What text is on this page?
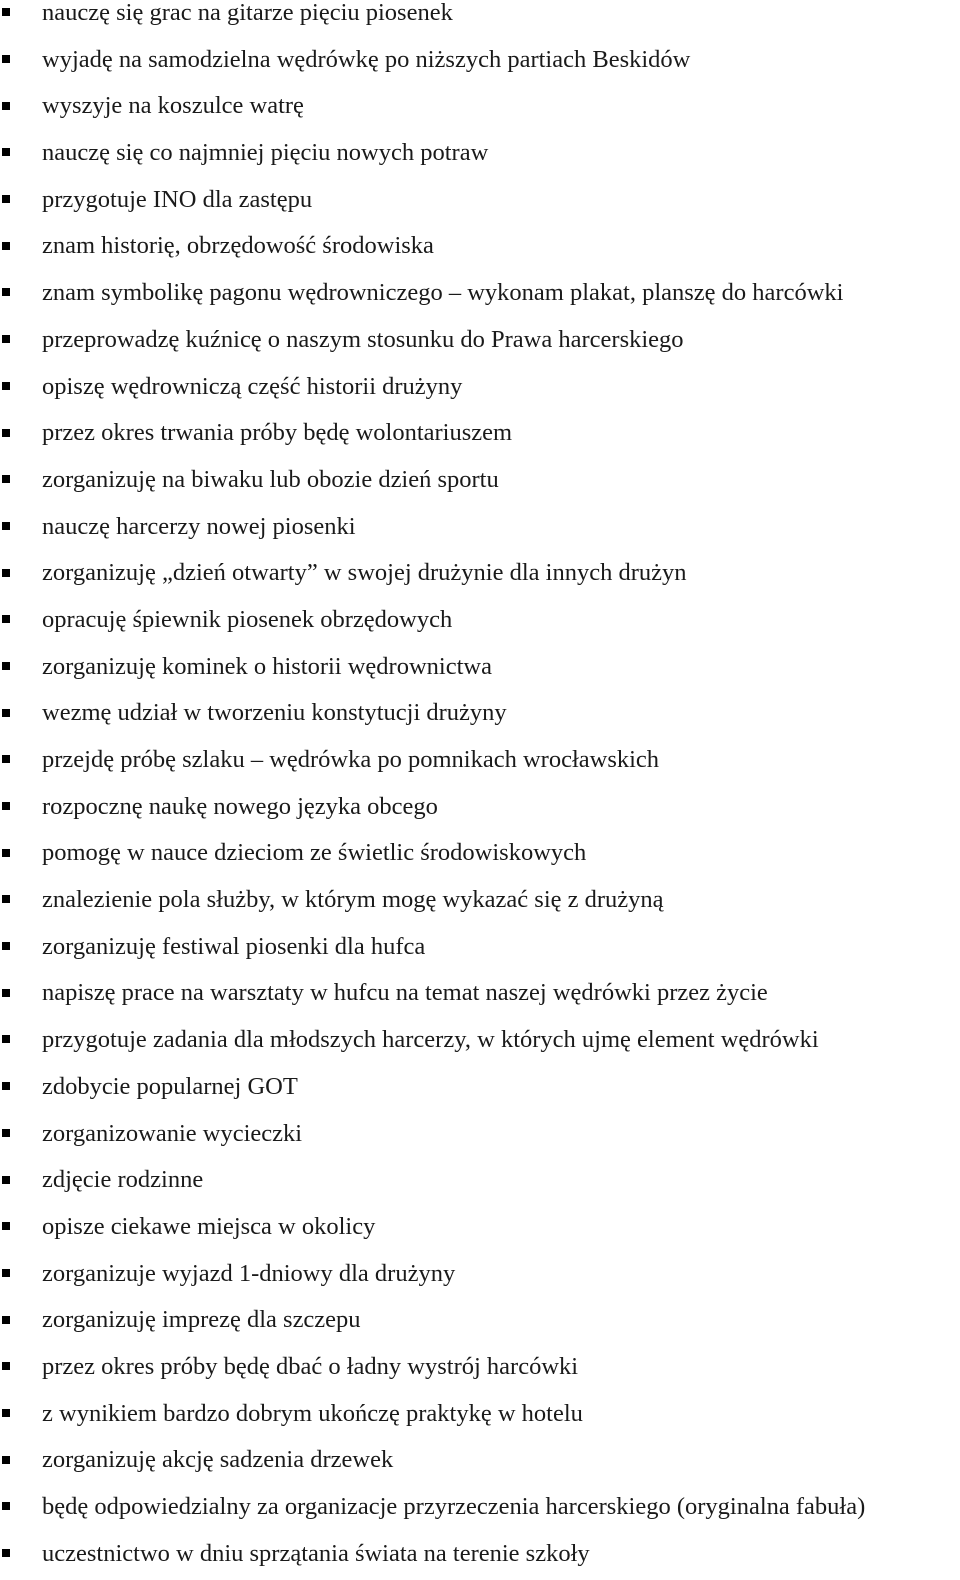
nauczę się grac na gitarze pięciu piosenek
wyjadę na samodzielna wędrówkę po niższych partiach Beskidów
wyszyje na koszulce watrę
nauczę się co najmniej pięciu nowych potraw
przygotuje INO dla zastępu
znam historię, obrzędowość środowiska
znam symbolikę pagonu wędrowniczego – wykonam plakat, planszę do harcówki
przeprowadzę kuźnicę o naszym stosunku do Prawa harcerskiego
opiszę wędrowniczą część historii drużyny
przez okres trwania próby będę wolontariuszem
zorganizuję na biwaku lub obozie dzień sportu
nauczę harcerzy nowej piosenki
zorganizuję „dzień otwarty” w swojej drużynie dla innych drużyn
opracuję śpiewnik piosenek obrzędowych
zorganizuję kominek o historii wędrownictwa
wezmę udział w tworzeniu konstytucji drużyny
przejdę próbę szlaku – wędrówka po pomnikach wrocławskich
rozpocznę naukę nowego języka obcego
pomogę w nauce dzieciom ze świetlic środowiskowych
znalezienie pola służby, w którym mogę wykazać się z drużyną
zorganizuję festiwal piosenki dla hufca
napiszę prace na warsztaty w hufcu na temat naszej wędrówki przez życie
przygotuje zadania dla młodszych harcerzy, w których ujmę element wędrówki
zdobycie popularnej GOT
zorganizowanie wycieczki
zdjęcie rodzinne
opisze ciekawe miejsca w okolicy
zorganizuje wyjazd 1-dniowy dla drużyny
zorganizuję imprezę dla szczepu
przez okres próby będę dbać o ładny wystrój harcówki
z wynikiem bardzo dobrym ukończę praktykę w hotelu
zorganizuję akcję sadzenia drzewek
będę odpowiedzialny za organizacje przyrzeczenia harcerskiego (oryginalna fabuła)
uczestnictwo w dniu sprzątania świata na terenie szkoły
